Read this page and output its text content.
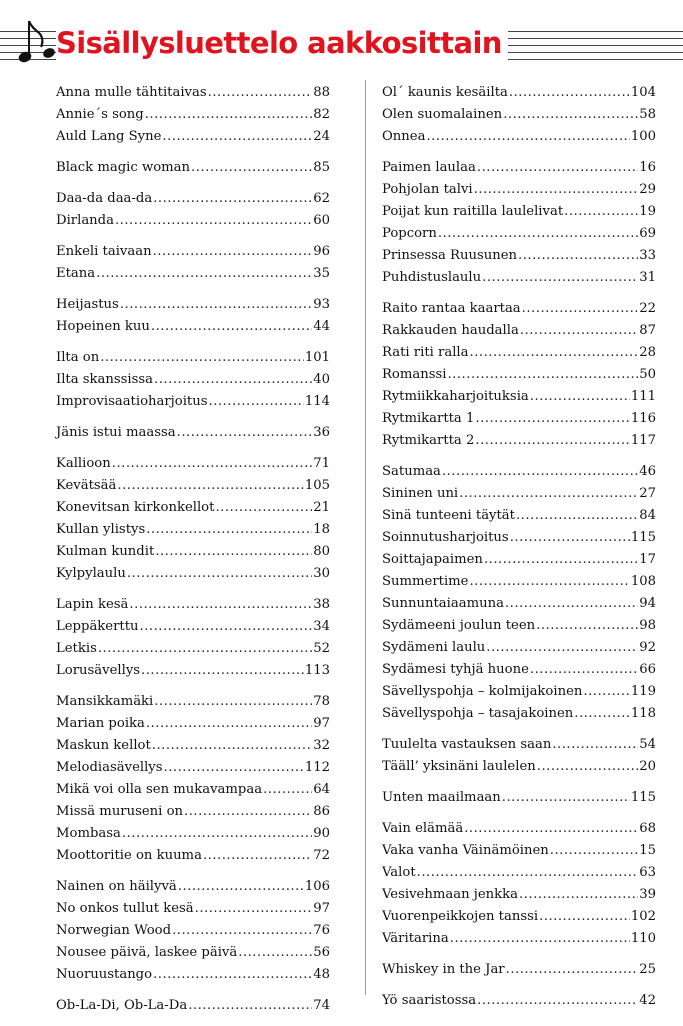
Sisällysluettelo aakkosittain
Anna mulle tähtitaivas .....	88
Annie´s song .....	82
Auld Lang Syne .....	24
Black magic woman .....	85
Daa-da daa-da .....	62
Dirlanda .....	60
Enkeli taivaan .....	96
Etana .....	35
Heijastus .....	93
Hopeinen kuu .....	44
Ilta on .....	101
Ilta skanssissa .....	40
Improvisaatioharjoitus .....	114
Jänis istui maassa .....	36
Kallioon .....	71
Kevätsää .....	105
Konevitsan kirkonkellot .....	21
Kullan ylistys .....	18
Kulman kundit .....	80
Kylpylaulu .....	30
Lapin kesä .....	38
Leppäkerttu .....	34
Letkis .....	52
Lorusävellys .....	113
Mansikkamäki .....	78
Marian poika .....	97
Maskun kellot .....	32
Melodiasävellys .....	112
Mikä voi olla sen mukavampaa .....	64
Missä muruseni on .....	86
Mombasa .....	90
Moottoritie on kuuma .....	72
Nainen on häilyvä .....	106
No onkos tullut kesä .....	97
Norwegian Wood .....	76
Nousee päivä, laskee päivä .....	56
Nuoruustango .....	48
Ob-La-Di, Ob-La-Da .....	74
Ol´ kaunis kesäilta .....	104
Olen suomalainen .....	58
Onnea .....	100
Paimen laulaa .....	16
Pohjolan talvi .....	29
Poijat kun raitilla laulelivat .....	19
Popcorn .....	69
Prinsessa Ruusunen .....	33
Puhdistuslaulu .....	31
Raito rantaa kaartaa .....	22
Rakkauden haudalla .....	87
Rati riti ralla .....	28
Romanssi .....	50
Rytmiikkaharjoituksia .....	111
Rytmikartta 1 .....	116
Rytmikartta 2 .....	117
Satumaa .....	46
Sininen uni .....	27
Sinä tunteeni täytät .....	84
Soinnutusharjoitus .....	115
Soittajapaimen .....	17
Summertime .....	108
Sunnuntaiaamuna .....	94
Sydämeeni joulun teen .....	98
Sydämeni laulu .....	92
Sydämesi tyhjä huone .....	66
Sävellyspohja – kolmijakoinen .....	119
Sävellyspohja – tasajakoinen .....	118
Tuulelta vastauksen saan .....	54
Tääll’ yksinäni laulelen .....	20
Unten maailmaan .....	115
Vain elämää .....	68
Vaka vanha Väinämöinen .....	15
Valot .....	63
Vesivehmaan jenkka .....	39
Vuorenpeikkojen tanssi .....	102
Väritarina .....	110
Whiskey in the Jar .....	25
Yö saaristossa .....	42
